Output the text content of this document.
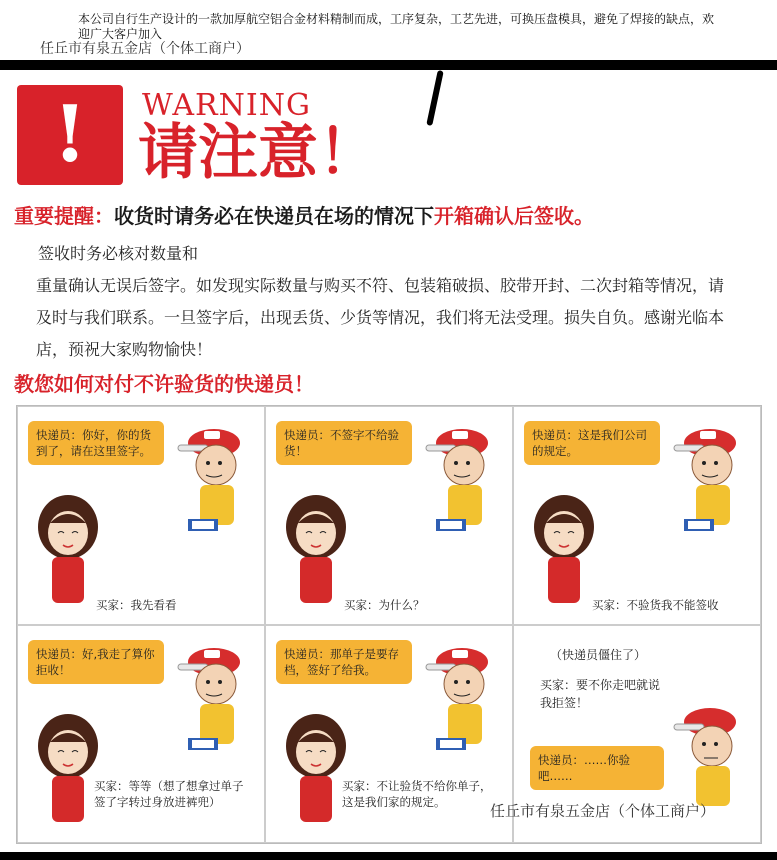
本公司自行生产设计的一款加厚航空铝合金材料精制而成，工序复杂，工艺先进，可换压盘模具，避免了焊接的缺点，欢迎广大客户加入
任丘市有泉五金店（个体工商户）
!	WARNING
请注意！
重要提醒：收货时请务必在快递员在场的情况下开箱确认后签收。

签收时务必核对数量和

重量确认无误后签字。如发现实际数量与购买不符、包装箱破损、胶带开封、二次封箱等情况，请及时与我们联系。一旦签字后，出现丢货、少货等情况，我们将无法受理。损失自负。感谢光临本店，预祝大家购物愉快！

教您如何对付不许验货的快递员！
快递员：你好，你的货到了，请在这里签字。
买家：我先看看
快递员：不签字不给验货！
买家：为什么？
快递员：这是我们公司的规定。
买家：不验货我不能签收
快递员：好,我走了算你拒收！
买家：等等（想了想拿过单子签了字转过身放进裤兜）
快递员：那单子是要存档，签好了给我。
买家：不让验货不给你单子，这是我们家的规定。
（快递员僵住了）
买家：要不你走吧就说我拒签！
快递员：……你验吧……
任丘市有泉五金店（个体工商户）
